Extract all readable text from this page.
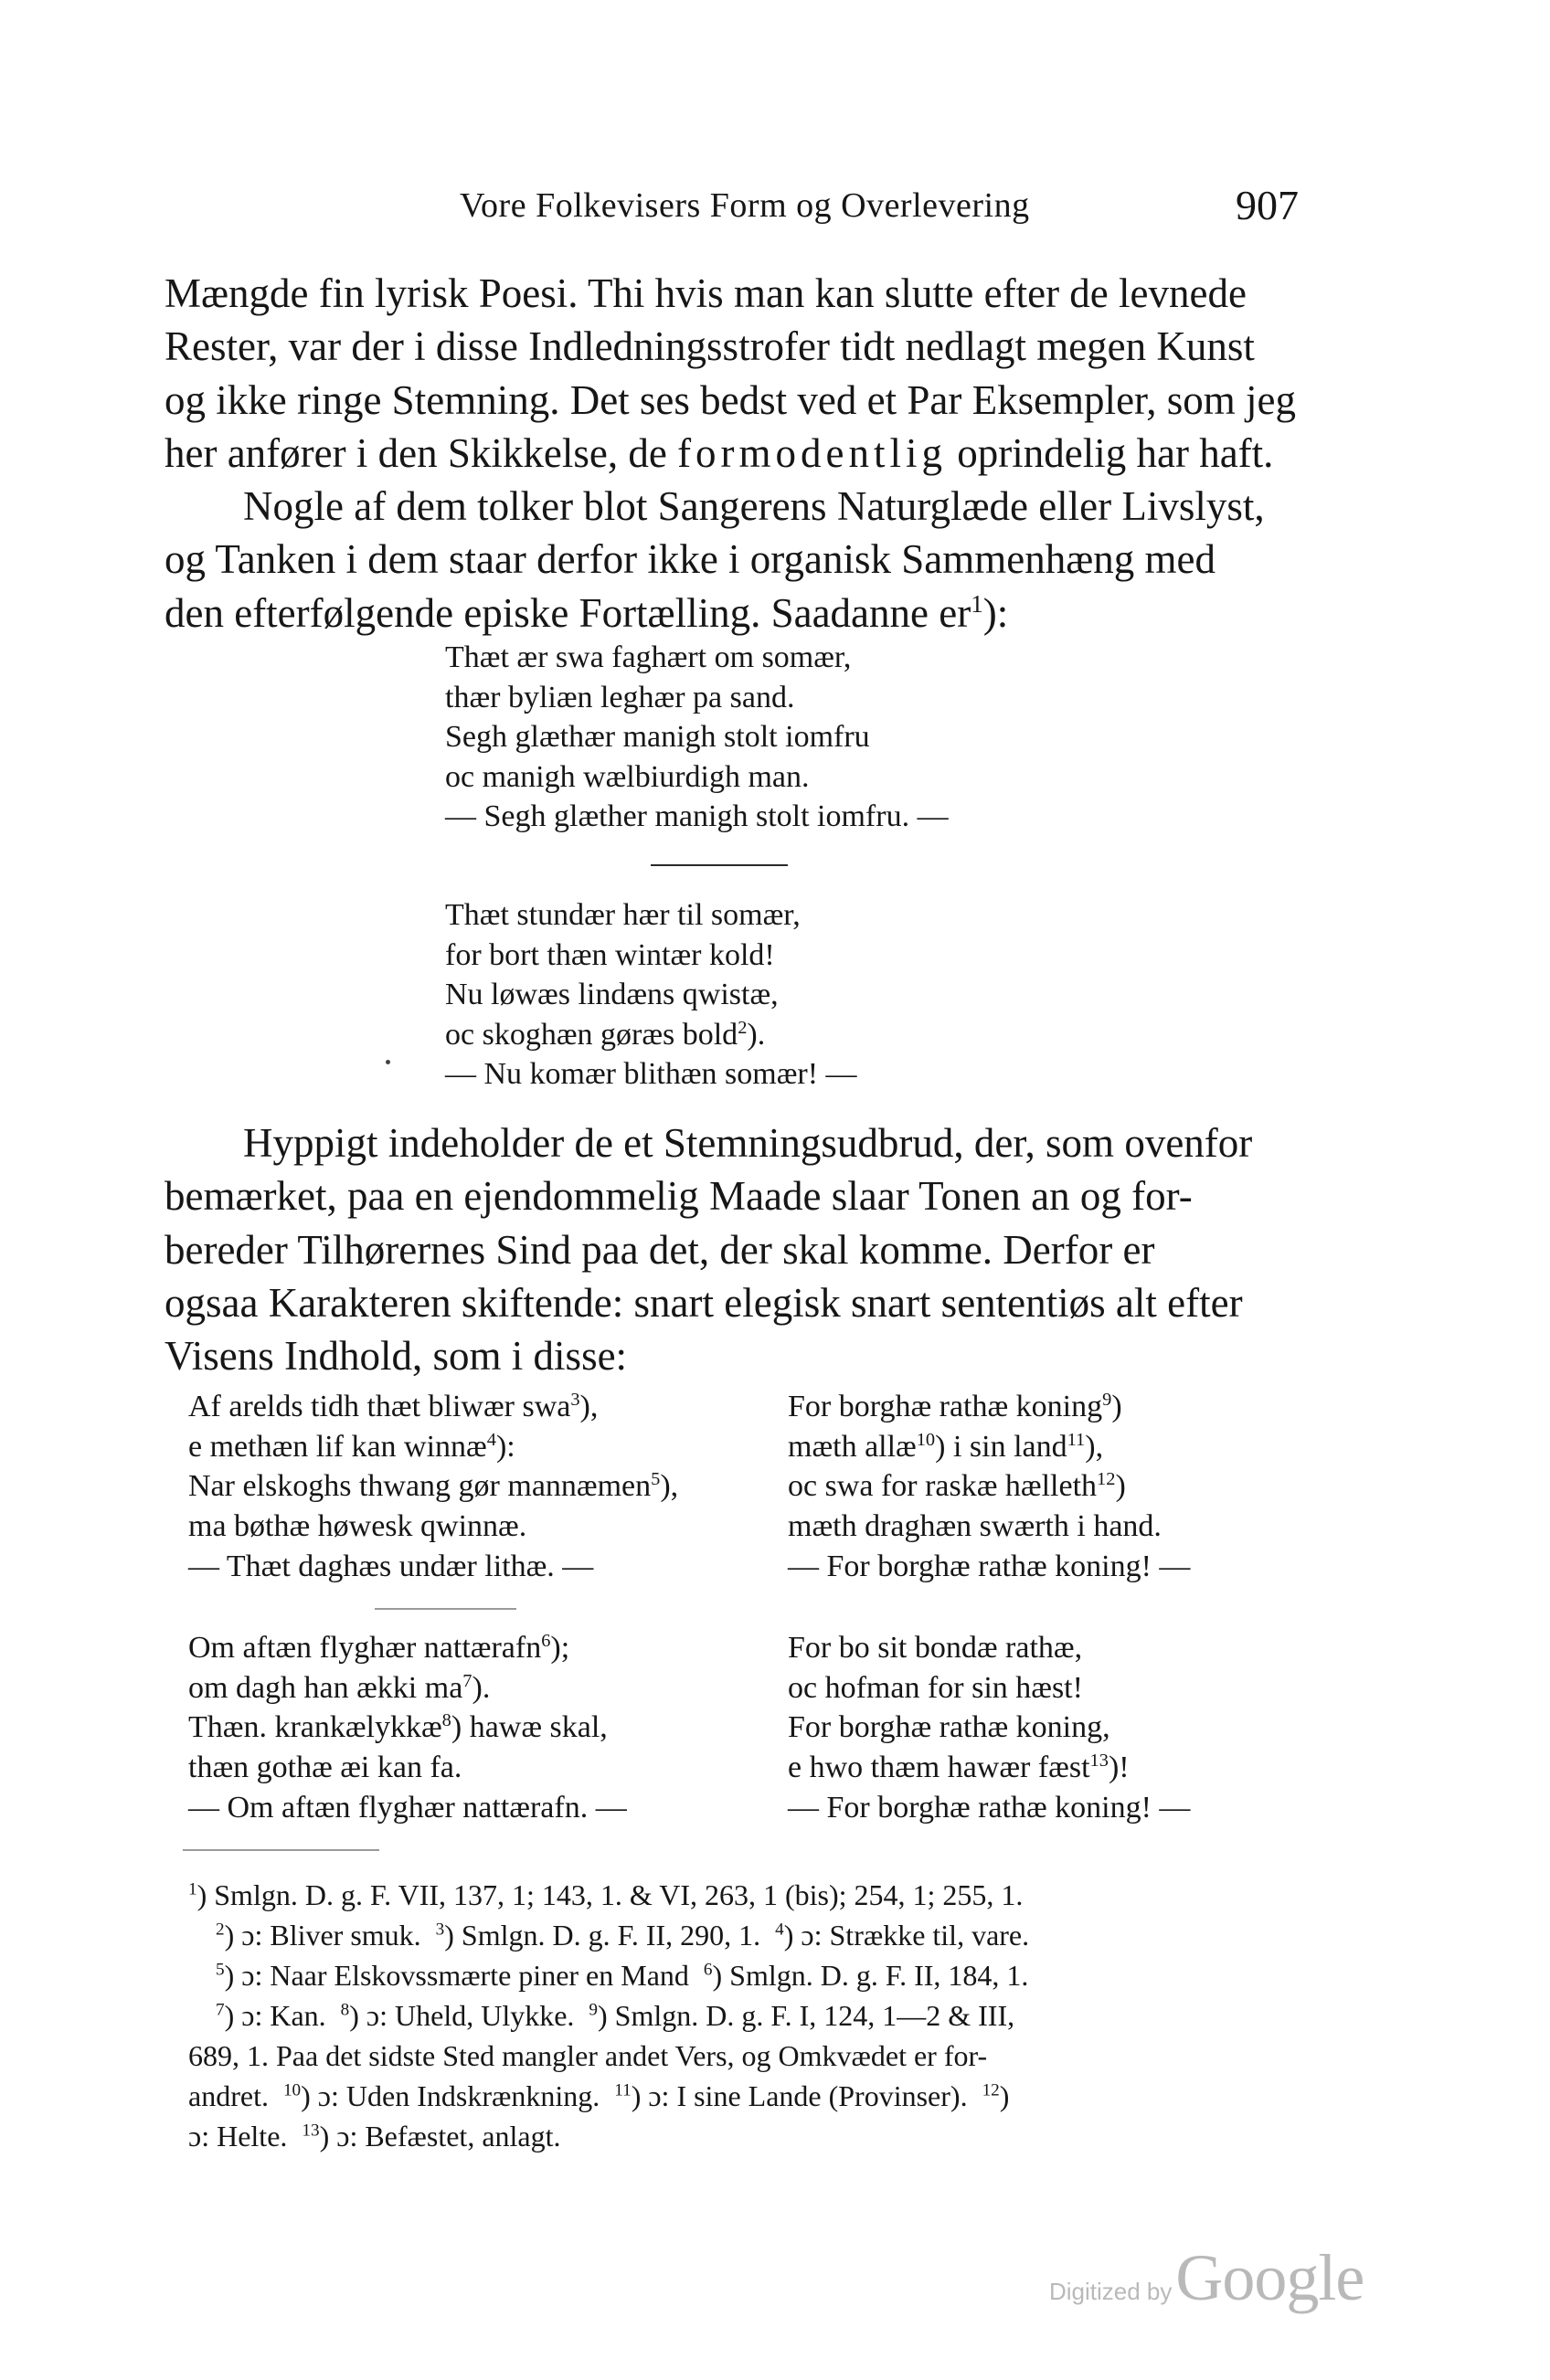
Vore Folkevisers Form og Overlevering	907
Mængde fin lyrisk Poesi. Thi hvis man kan slutte efter de levnede
Rester, var der i disse Indledningsstrofer tidt nedlagt megen Kunst
og ikke ringe Stemning. Det ses bedst ved et Par Eksempler, som jeg
her anfører i den Skikkelse, de formodentlig oprindelig har haft.
Nogle af dem tolker blot Sangerens Naturglæde eller Livslyst,
og Tanken i dem staar derfor ikke i organisk Sammenhæng med
den efterfølgende episke Fortælling. Saadanne $er^1$):
Thæt ær swa faghært om somær,
thær byliæn leghær pa sand.
Segh glæthær manigh stolt iomfru
oc manigh wælbiurdigh man.
— Segh glæther manigh stolt iomfru. —
Thæt stundær hær til somær,
for bort thæn wintær kold!
Nu løwæs lindæns qwistæ,
oc skoghæn gøræs bold$^2$).
— Nu komær blithæn somær! —
Hyppigt indeholder de et Stemningsudbrud, der, som ovenfor
bemærket, paa en ejendommelig Maade slaar Tonen an og for-
bereder Tilhørernes Sind paa det, der skal komme. Derfor er
ogsaa Karakteren skiftende: snart elegisk snart sententiøs alt efter
Visens Indhold, som i disse:
Af arelds tidh thæt bliwær swa$^3$),
e methæn lif kan winnæ$^4$):
Nar elskoghs thwang gør mannæmen$^5$),
ma bøthæ høwesk qwinnæ.
— Thæt daghæs undær lithæ. —
For borghæ rathæ koning$^9$)
mæth allæ$^{10}$) i sin land$^{11}$),
oc swa for raskæ hælleth$^{12}$)
mæth draghæn swærth i hand.
— For borghæ rathæ koning! —
Om aftæn flyghær nattærafn$^6$);
om dagh han ækki $ma^7$).
Thæn. krankælykkæ$^8$) hawæ skal,
thæn gothæ æi kan fa.
— Om aftæn flyghær nattærafn. —
For bo sit bondæ rathæ,
oc hofman for sin hæst!
For borghæ rathæ koning,
e hwo thæm hawær fæst$^{13}$)!
— For borghæ rathæ koning! —
$^1$) Smlgn. D. g. F. VII, 137, 1; 143, 1. & VI, 263, 1 (bis); 254, 1; 255, 1.
$^2$) ɔ: Bliver smuk. $^3$) Smlgn. D. g. F. II, 290, 1. $^4$) ɔ: Strække til, vare.
$^5$) ɔ: Naar Elskovssmærte piner en Mand $^6$) Smlgn. D. g. F. II, 184, 1.
$^7$) ɔ: Kan. $^8$) ɔ: Uheld, Ulykke. $^9$) Smlgn. D. g. F. I, 124, 1—2 & III,
689, 1. Paa det sidste Sted mangler andet Vers, og Omkvædet er for-
andret. $^{10}$) ɔ: Uden Indskrænkning. $^{11}$) ɔ: I sine Lande (Provinser). $^{12}$)
ɔ: Helte. $^{13}$) ɔ: Befæstet, anlagt.
Digitized by Google
